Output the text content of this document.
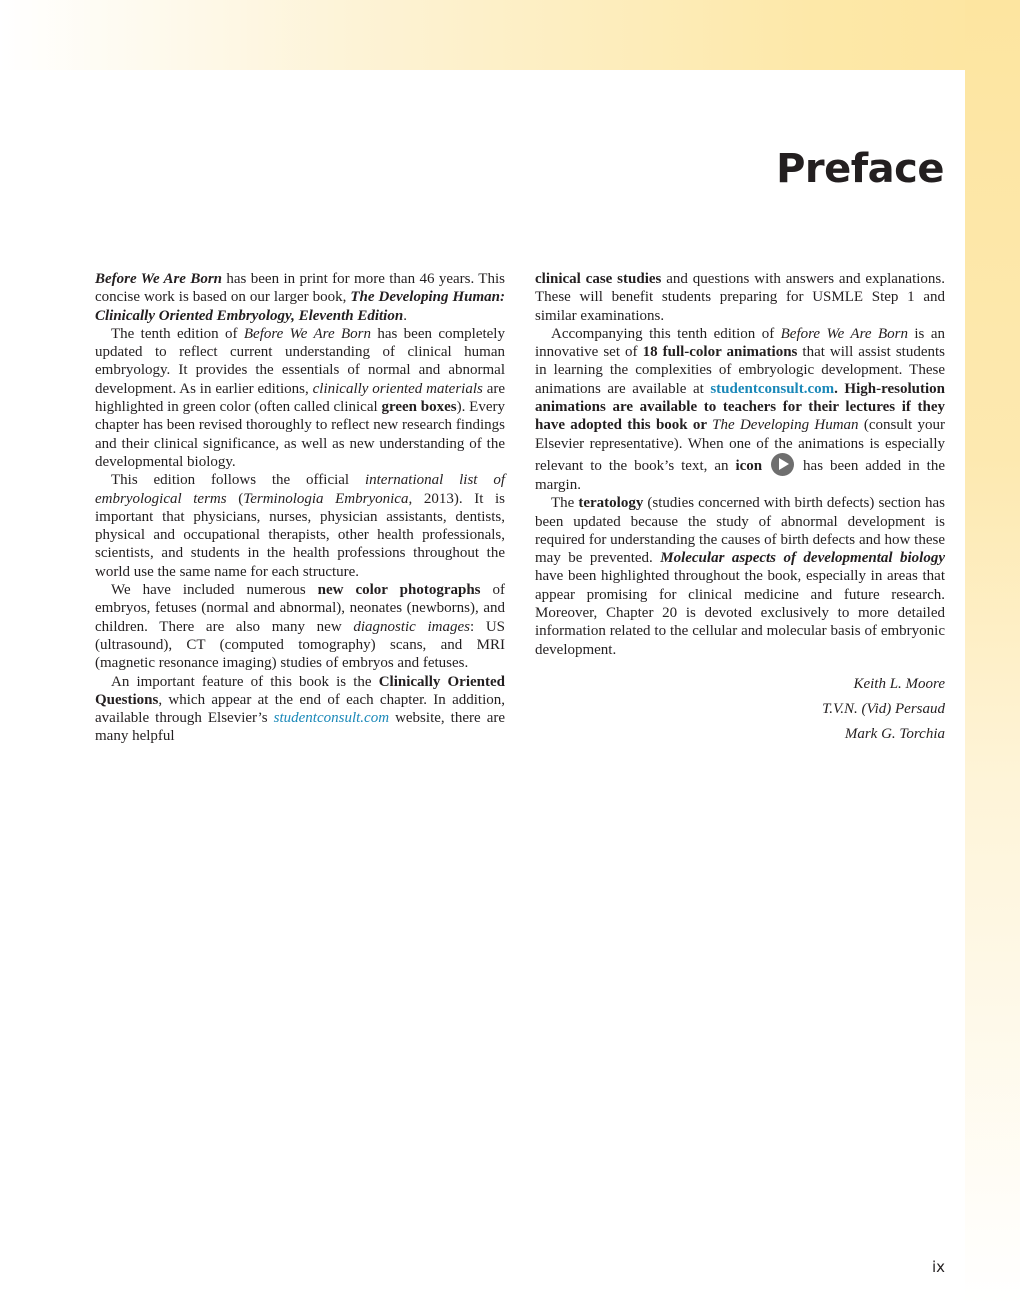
Preface

Before We Are Born has been in print for more than 46 years. This concise work is based on our larger book, The Developing Human: Clinically Oriented Embryology, Eleventh Edition.

The tenth edition of Before We Are Born has been completely updated to reflect current understanding of clinical human embryology. It provides the essentials of normal and abnormal development. As in earlier editions, clinically oriented materials are highlighted in green color (often called clinical green boxes). Every chapter has been revised thoroughly to reflect new research findings and their clinical significance, as well as new understanding of the developmental biology.

This edition follows the official international list of embryological terms (Terminologia Embryonica, 2013). It is important that physicians, nurses, physician assistants, dentists, physical and occupational therapists, other health professionals, scientists, and students in the health professions throughout the world use the same name for each structure.

We have included numerous new color photographs of embryos, fetuses (normal and abnormal), neonates (newborns), and children. There are also many new diagnostic images: US (ultrasound), CT (computed tomography) scans, and MRI (magnetic resonance imaging) studies of embryos and fetuses.

An important feature of this book is the Clinically Oriented Questions, which appear at the end of each chapter. In addition, available through Elsevier’s studentconsult.com website, there are many helpful

clinical case studies and questions with answers and explanations. These will benefit students preparing for USMLE Step 1 and similar examinations.

Accompanying this tenth edition of Before We Are Born is an innovative set of 18 full-color animations that will assist students in learning the complexities of embryologic development. These animations are available at studentconsult.com. High-resolution animations are available to teachers for their lectures if they have adopted this book or The Developing Human (consult your Elsevier representative). When one of the animations is especially relevant to the book’s text, an icon  has been added in the margin.

The teratology (studies concerned with birth defects) section has been updated because the study of abnormal development is required for understanding the causes of birth defects and how these may be prevented. Molecular aspects of developmental biology have been highlighted throughout the book, especially in areas that appear promising for clinical medicine and future research. Moreover, Chapter 20 is devoted exclusively to more detailed information related to the cellular and molecular basis of embryonic development.

Keith L. Moore
T.V.N. (Vid) Persaud
Mark G. Torchia
ix
